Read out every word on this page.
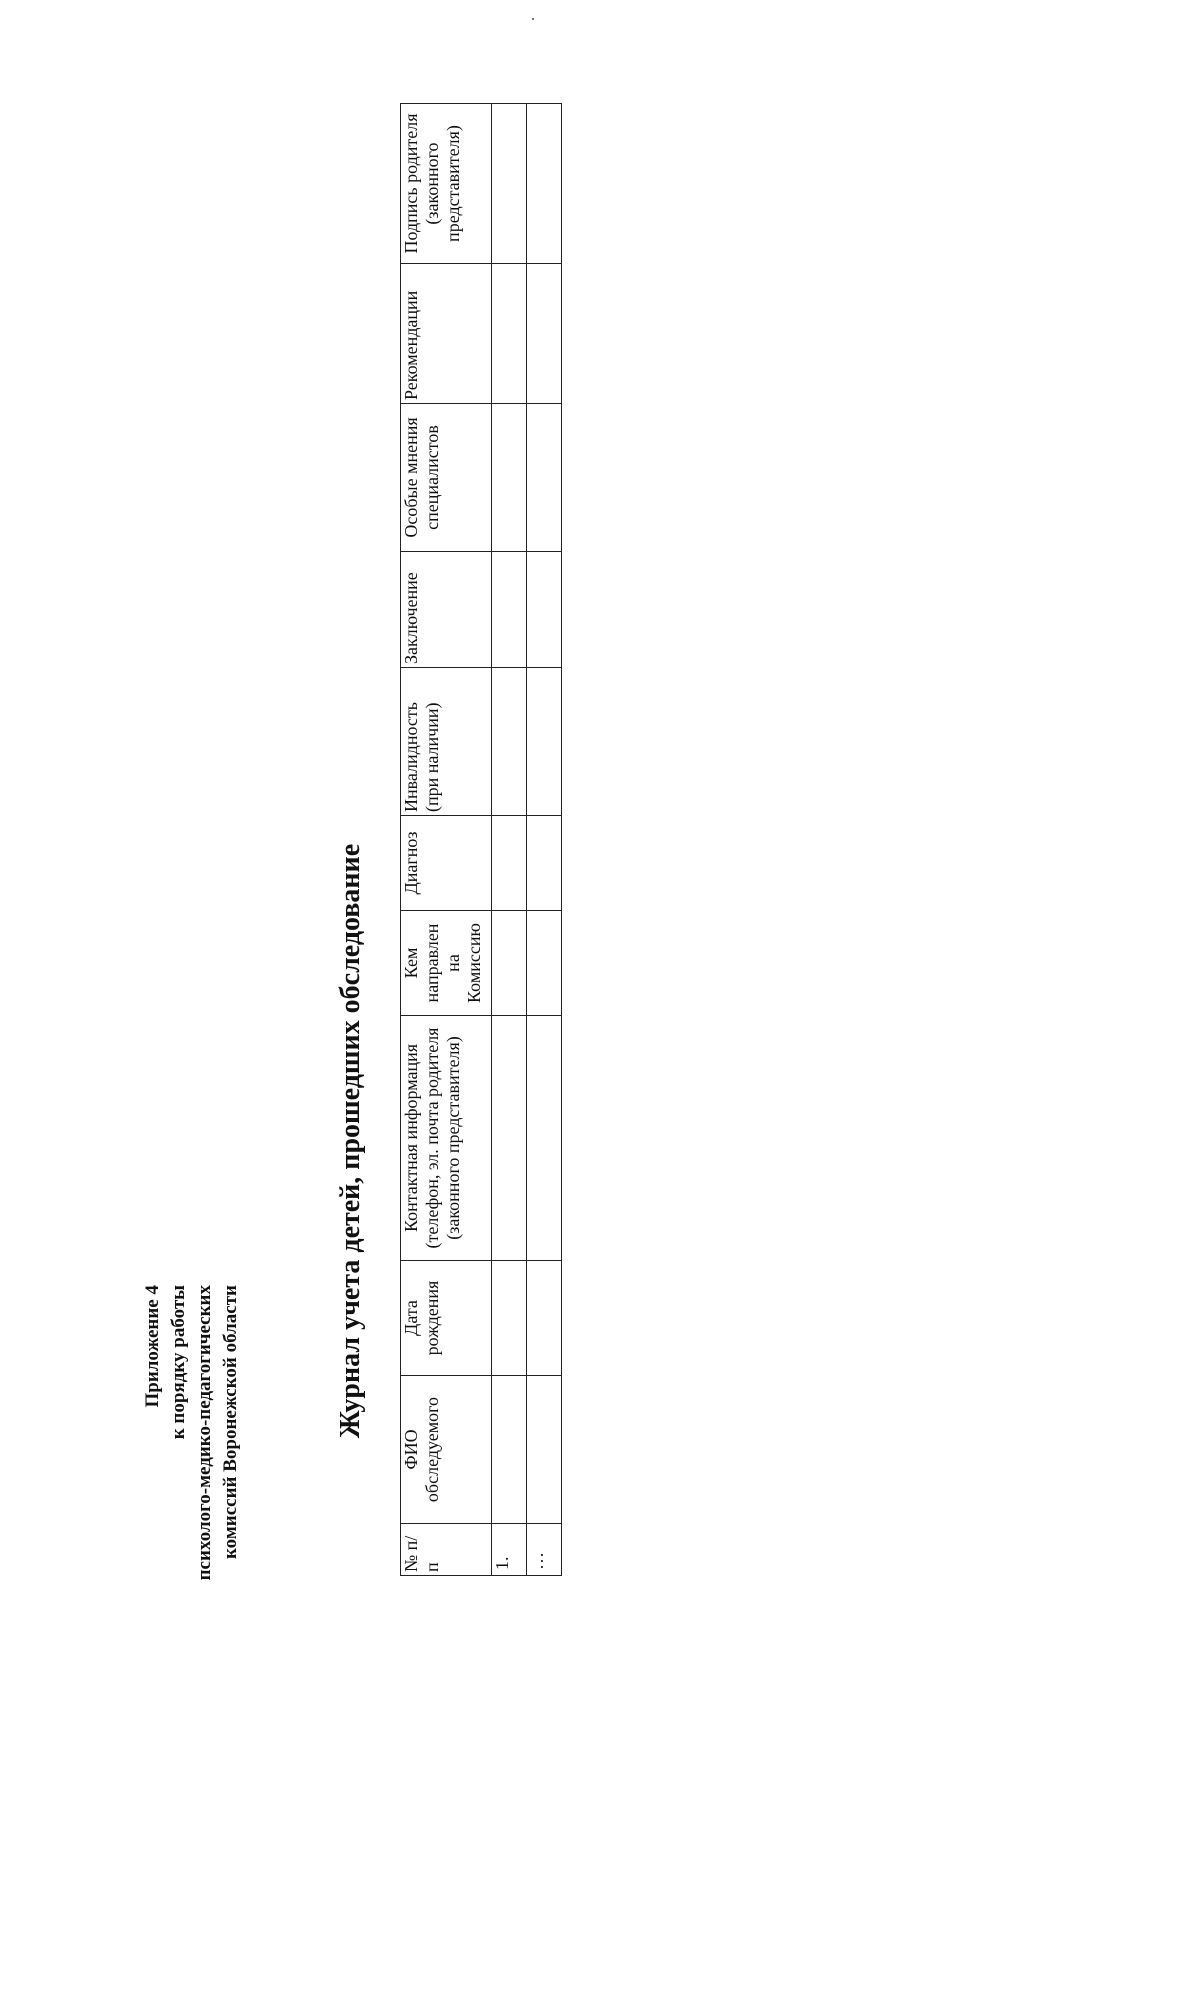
Приложение 4 к порядку работы психолого-медико-педагогических комиссий Воронежской области	Журнал учета детей, прошедших обследование
№ п/п	ФИО обследуемого	Дата рождения	Контактная информация (телефон, эл. почта родителя (законного представителя)	Кем направлен на Комиссию	Диагноз	Инвалидность (при наличии)	Заключение	Особые мнения специалистов	Рекомендации	Подпись родителя (законного представителя)
1.										
…										
